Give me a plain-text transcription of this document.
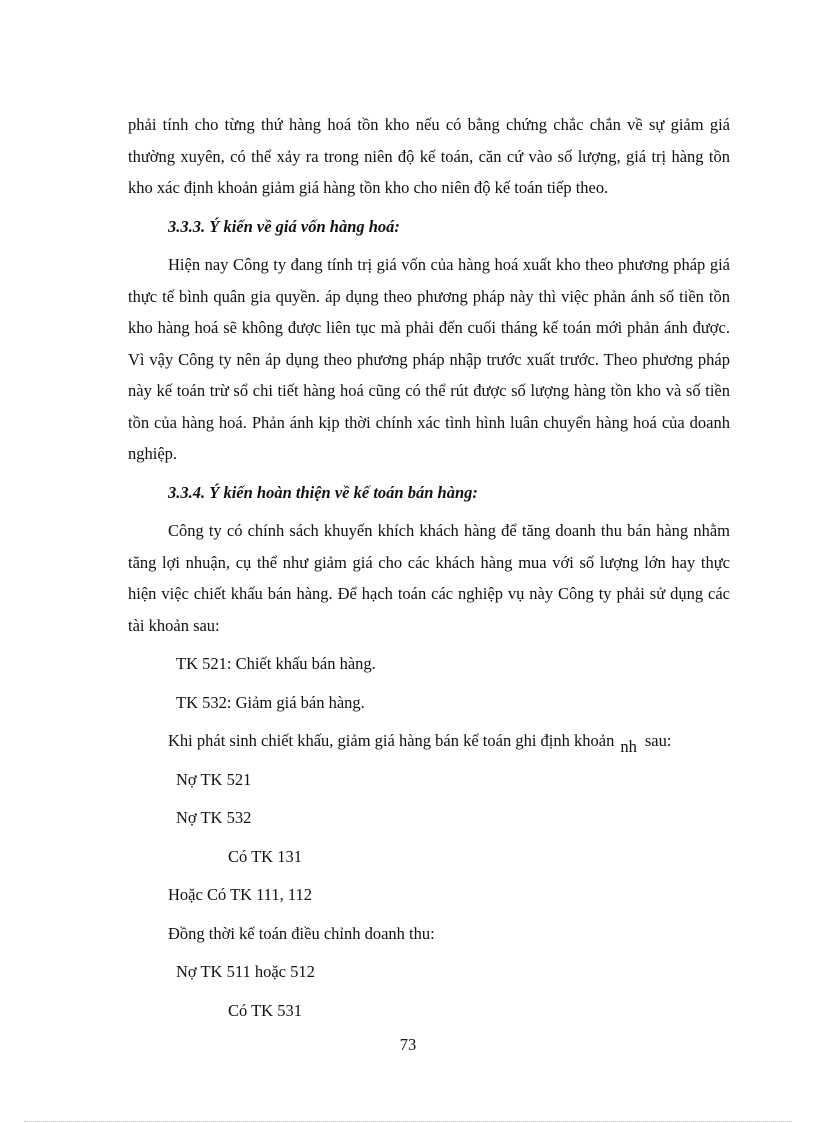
phải tính cho từng thứ hàng hoá tồn kho nếu có bằng chứng chắc chắn về sự giảm giá thường xuyên, có thể xảy ra trong niên độ kế toán, căn cứ vào số lượng, giá trị hàng tồn kho xác định khoản giảm giá hàng tồn kho cho niên độ kế toán tiếp theo.

3.3.3. Ý kiến về giá vốn hàng hoá:

Hiện nay Công ty đang tính trị giá vốn của hàng hoá xuất kho theo phương pháp giá thực tế bình quân gia quyền. áp dụng theo phương pháp này thì việc phản ánh số tiền tồn kho hàng hoá sẽ không được liên tục mà phải đến cuối tháng kế toán mới phản ánh được. Vì vậy Công ty nên áp dụng theo phương pháp nhập trước xuất trước. Theo phương pháp này kế toán trừ sổ chi tiết hàng hoá cũng có thể rút được số lượng hàng tồn kho và số tiền tồn của hàng hoá. Phản ánh kịp thời chính xác tình hình luân chuyển hàng hoá của doanh nghiệp.

3.3.4. Ý kiến hoàn thiện về kế toán bán hàng:

Công ty có chính sách khuyến khích khách hàng để tăng doanh thu bán hàng nhằm tăng lợi nhuận, cụ thể như giảm giá cho các khách hàng mua với số lượng lớn hay thực hiện việc chiết khấu bán hàng. Để hạch toán các nghiệp vụ này Công ty phải sử dụng các tài khoản sau:

TK 521: Chiết khấu bán hàng.

TK 532: Giảm giá bán hàng.

Khi phát sinh chiết khấu, giảm giá hàng bán kế toán ghi định khoản nh sau:

Nợ TK 521

Nợ TK 532

Có TK 131

Hoặc Có TK 111, 112

Đồng thời kế toán điều chỉnh doanh thu:

Nợ TK 511 hoặc 512

Có TK 531

73
